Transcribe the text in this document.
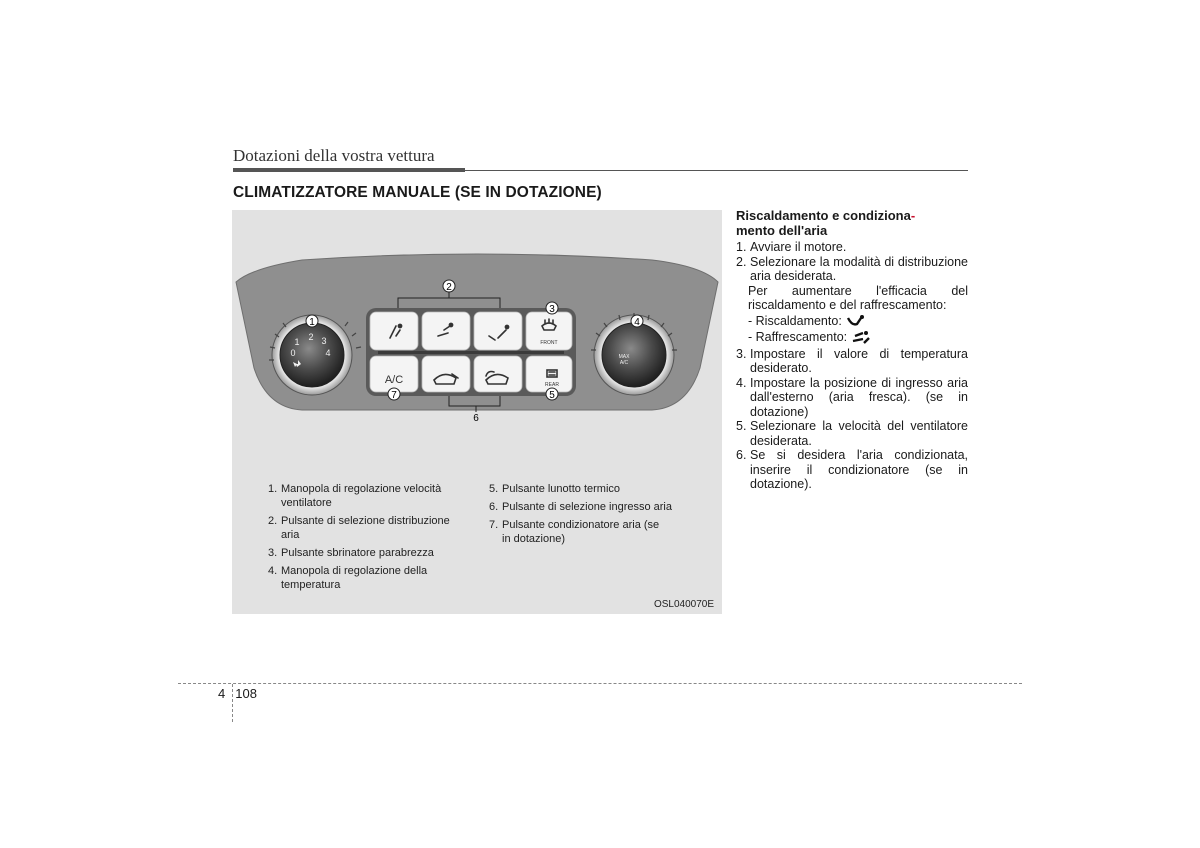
Dotazioni della vostra vettura
CLIMATIZZATORE MANUALE (SE IN DOTAZIONE)
A/C
FRONT
REAR
0
1 2 3
4	MAX
A/C
1
2
3
4
5
6
7
1. Manopola di regolazione velocità ventilatore
2. Pulsante di selezione distribuzione aria
3. Pulsante sbrinatore parabrezza
4. Manopola di regolazione della temperatura
5. Pulsante lunotto termico
6. Pulsante di selezione ingresso aria
7. Pulsante condizionatore aria (se in dotazione)
OSL040070E
Riscaldamento e condiziona-
mento dell'aria
1. Avviare il motore.
2. Selezionare la modalità di distribuzione aria desiderata.
Per aumentare l'efficacia del riscaldamento e del raffrescamento:
- Riscaldamento:
- Raffrescamento:
3. Impostare il valore di temperatura desiderato.
4. Impostare la posizione di ingresso aria dall'esterno (aria fresca). (se in dotazione)
5. Selezionare la velocità del ventilatore desiderata.
6. Se si desidera l'aria condizionata, inserire il condizionatore (se in dotazione).
4 108
